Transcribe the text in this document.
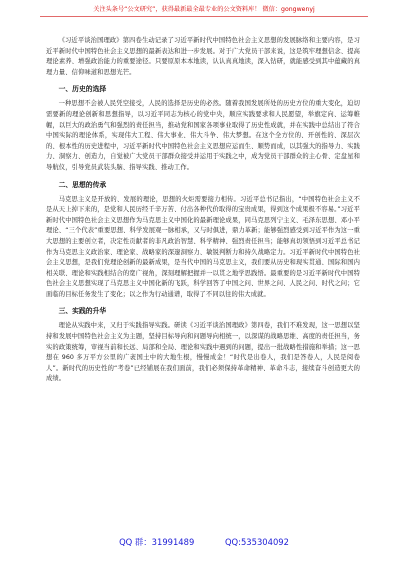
关注头条号“公文研究”，获得最新最全最专业的公文资料库！ 微信：gongwenyj

《习近平谈治国理政》第四卷生动记录了习近平新时代中国特色社会主义思想的发展脉络和主要内容，是习近平新时代中国特色社会主义思想的最新表达和进一步发展。对于广大党员干部来说，这是筑牢理想信念、提高理论素养、增强政治能力的重要途径。只要原原本本地读，认认真真地读，深入钻研，就能感受到其中蕴藏的真理力量、信仰味道和思想光芒。

一、历史的选择

一种思想不会被人民凭空接受，人民的选择是历史的必然。随着我国发展所处的历史方位的重大变化，迫切需要新的理论创新和思想指导，以习近平同志为核心的党中央，顺应实践要求和人民愿望，举旗定向、运筹帷幄，以巨大的政治勇气和强烈的责任担当，推动党和国家各项事业取得了历史性成就，并在实践中总结出了符合中国实际的理论体系，实现伟大工程、伟大事业、伟大斗争、伟大梦想。在这个全方位的、开创性的、深层次的、根本性的历史进程中，习近平新时代中国特色社会主义思想应运而生、顺势而成，以其强大的指导力、实践力、洞察力、创造力，自觉被广大党员干部群众接受并运用于实践之中，成为党员干部群众的主心骨、定盘星和导航仪，引导党员武装头脑、指导实践、推动工作。

二、思想的传承

马克思主义是开放的、发展的理论，思想的火炬需要接力相传。习近平总书记指出，“中国特色社会主义不是从天上掉下来的，是党和人民历经千辛万苦、付出各种代价取得的宝贵成果，得到这个成果极不容易。”习近平新时代中国特色社会主义思想作为马克思主义中国化的最新理论成果，同马克思列宁主义、毛泽东思想、邓小平理论、“三个代表”重要思想、科学发展观一脉相承，又与时俱进，鼎力革新；能够强烈感受到习近平作为这一重大思想的主要创立者，决定性贡献者的非凡政治智慧、科学精神、强烈责任担当；能够真切领悟到习近平总书记作为马克思主义政治家、理论家、战略家的深邃洞察力、敏锐判断力和持久战略定力。习近平新时代中国特色社会主义思想，是我们党理论创新的最新成果，是当代中国的马克思主义，我们要从历史和现实贯通、国际和国内相关联、理论和实践相结合的宽广视角，深刻理解把握并一以贯之地学思践悟。最重要的是习近平新时代中国特色社会主义思想实现了马克思主义中国化新的飞跃，科学回答了中国之问、世界之问、人民之问、时代之问；它面临的目标任务发生了变化；以之作为行动通谱，取得了不同以往的伟大成就。

三、实践的升华

理论从实践中来，又归于实践指导实践。研读《习近平谈治国理政》第四卷，我们不难发现，这一思想以坚持和发展中国特色社会主义为主题，坚持目标导向和问题导向相统一，以深谋的战略思维、高度的责任担当，务实的政策统筹，审视当前和长远、局部和全局、理论和实践中遇到的问题，提出一批战略性措施和举措；这一思想在 960 多万平方公里的广袤国土中的大地生根，慢慢成金！“时代是出卷人，我们是答卷人，人民是阅卷人”。新时代的历史性的“考卷”已经铺展在我们面前，我们必须保持革命精神、革命斗志，接续奋斗创造更大的成绩。

QQ 群：31991489	QQ:535304092
